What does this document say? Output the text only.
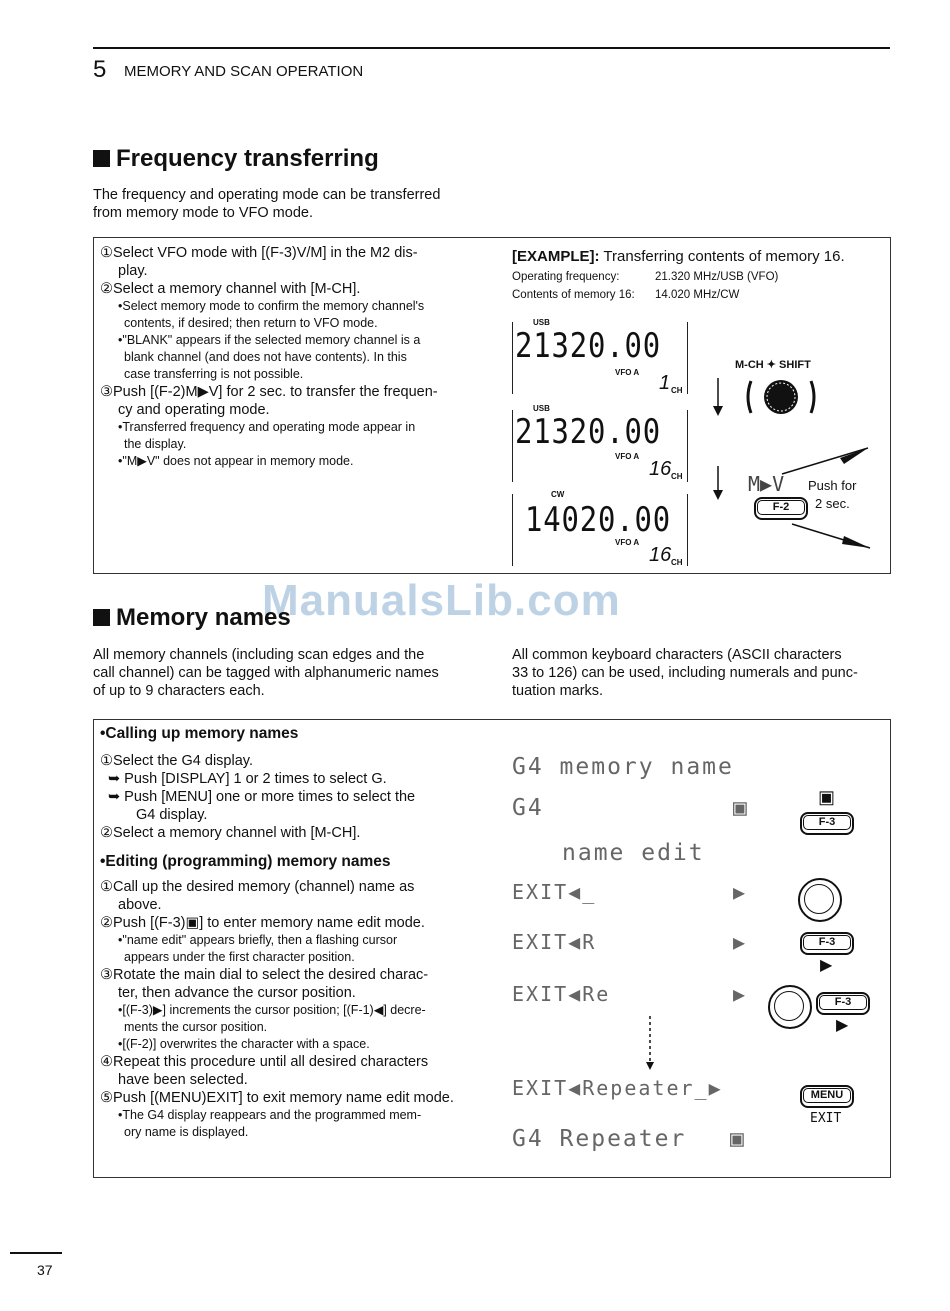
5 MEMORY AND SCAN OPERATION
Frequency transferring
The frequency and operating mode can be transferred
from memory mode to VFO mode.
①Select VFO mode with [(F-3)V/M] in the M2 dis-
play.
②Select a memory channel with [M-CH].
•Select memory mode to confirm the memory channel's
contents, if desired; then return to VFO mode.
•"BLANK" appears if the selected memory channel is a
blank channel (and does not have contents). In this
case transferring is not possible.
③Push [(F-2)M▶V] for 2 sec. to transfer the frequen-
cy and operating mode.
•Transferred frequency and operating mode appear in
the display.
•"M▶V" does not appear in memory mode.
[EXAMPLE]: Transferring contents of memory 16.
Operating frequency:	21.320 MHz/USB (VFO)
Contents of memory 16: 14.020 MHz/CW
USB
21320.00
VFO A 1 CH
USB
21320.00
VFO A
16 CH
CW
14020.00
VFO A
16 CH
M-CH ✦ SHIFT
M▶V Push for
F-2	2 sec.
ManualsLib.com
Memory names
All memory channels (including scan edges and the
call channel) can be tagged with alphanumeric names
of up to 9 characters each.
All common keyboard characters (ASCII characters
33 to 126) can be used, including numerals and punc-
tuation marks.
•Calling up memory names
①Select the G4 display.
➥ Push [DISPLAY] 1 or 2 times to select G.
➥ Push [MENU] one or more times to select the
G4 display.
②Select a memory channel with [M-CH].
•Editing (programming) memory names
①Call up the desired memory (channel) name as
above.
②Push [(F-3)▣] to enter memory name edit mode.
•"name edit" appears briefly, then a flashing cursor
appears under the first character position.
③Rotate the main dial to select the desired charac-
ter, then advance the cursor position.
•[(F-3)▶] increments the cursor position; [(F-1)◀] decre-
ments the cursor position.
•[(F-2)] overwrites the character with a space.
④Repeat this procedure until all desired characters
have been selected.
⑤Push [(MENU)EXIT] to exit memory name edit mode.
•The G4 display reappears and the programmed mem-
ory name is displayed.
G4 memory name
G4	▣
name edit
EXIT◀_	▶
EXIT◀R	▶
EXIT◀Re	▶
EXIT◀Repeater_▶
G4 Repeater ▣
▣
F-3
F-3
▶
F-3
▶
MENU
EXIT
37
